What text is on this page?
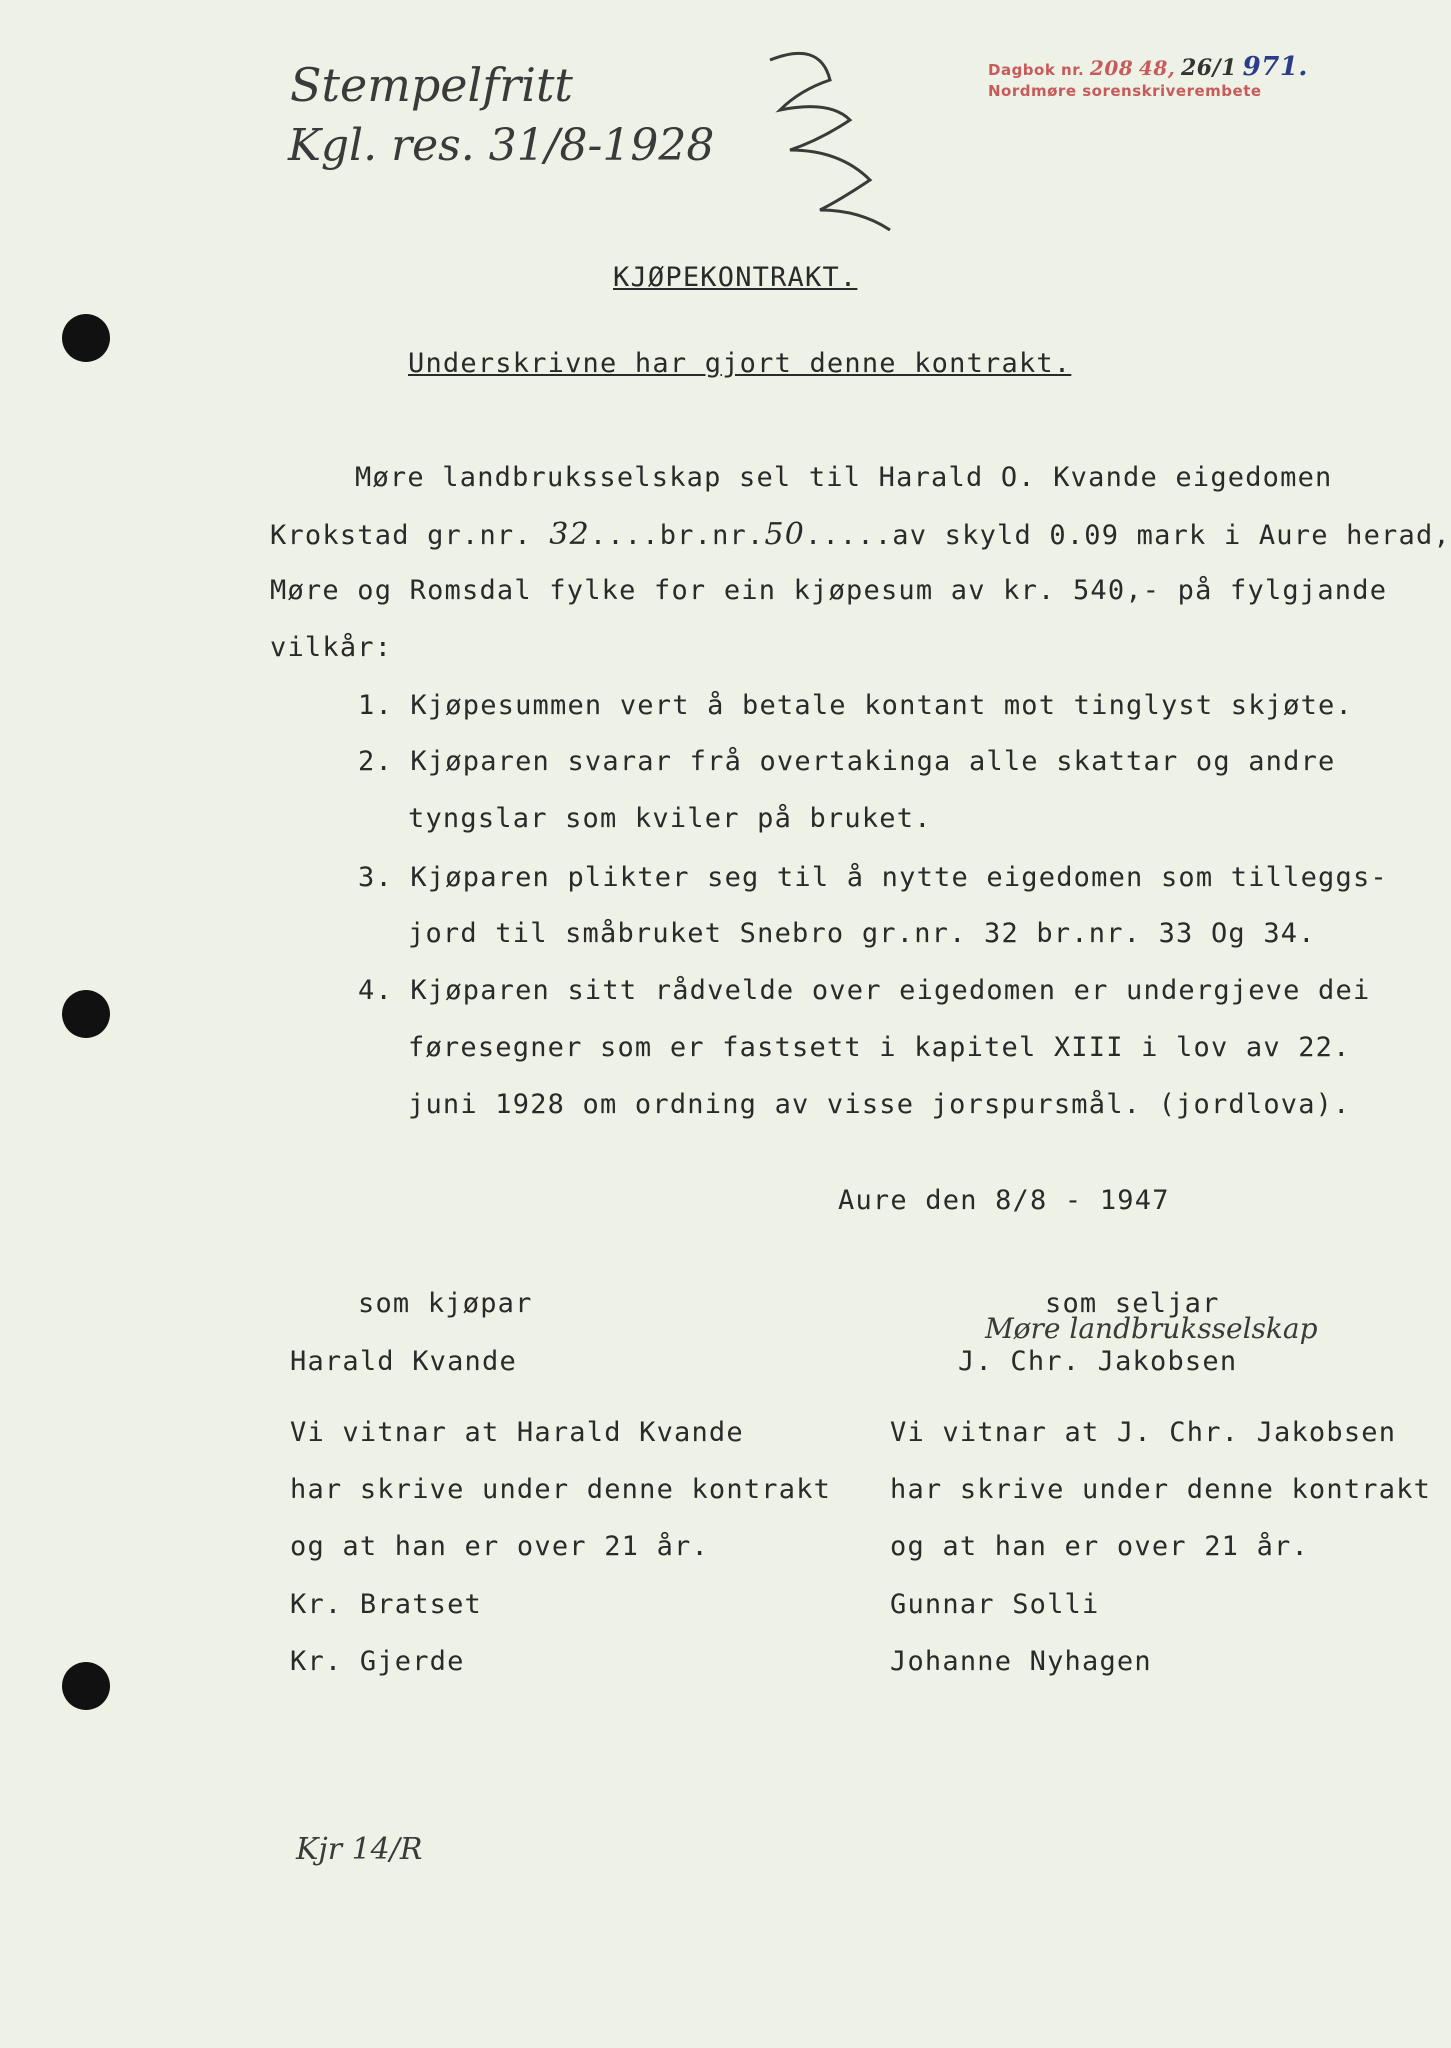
Stempelfritt
Kgl. res. 31/8-1928
Dagbok nr. 208 48, 26/1 971.
Nordmøre sorenskriverembete
KJØPEKONTRAKT.
Underskrivne har gjort denne kontrakt.
Møre landbruksselskap sel til Harald O. Kvande eigedomen
Krokstad gr.nr. 32....br.nr.50.....av skyld 0.09 mark i Aure herad,
Møre og Romsdal fylke for ein kjøpesum av kr. 540,- på fylgjande
vilkår:
1. Kjøpesummen vert å betale kontant mot tinglyst skjøte.
2. Kjøparen svarar frå overtakinga alle skattar og andre
tyngslar som kviler på bruket.
3. Kjøparen plikter seg til å nytte eigedomen som tilleggs-
jord til småbruket Snebro gr.nr. 32 br.nr. 33 Og 34.
4. Kjøparen sitt rådvelde over eigedomen er undergjeve dei
føresegner som er fastsett i kapitel XIII i lov av 22.
juni 1928 om ordning av visse jorspursmål. (jordlova).
Aure den 8/8 - 1947
som kjøpar
Harald Kvande
Vi vitnar at Harald Kvande
har skrive under denne kontrakt
og at han er over 21 år.
Kr. Bratset
Kr. Gjerde
som seljar
Møre landbruksselskap
J. Chr. Jakobsen
Vi vitnar at J. Chr. Jakobsen
har skrive under denne kontrakt
og at han er over 21 år.
Gunnar Solli
Johanne Nyhagen
Kjr 14/R
